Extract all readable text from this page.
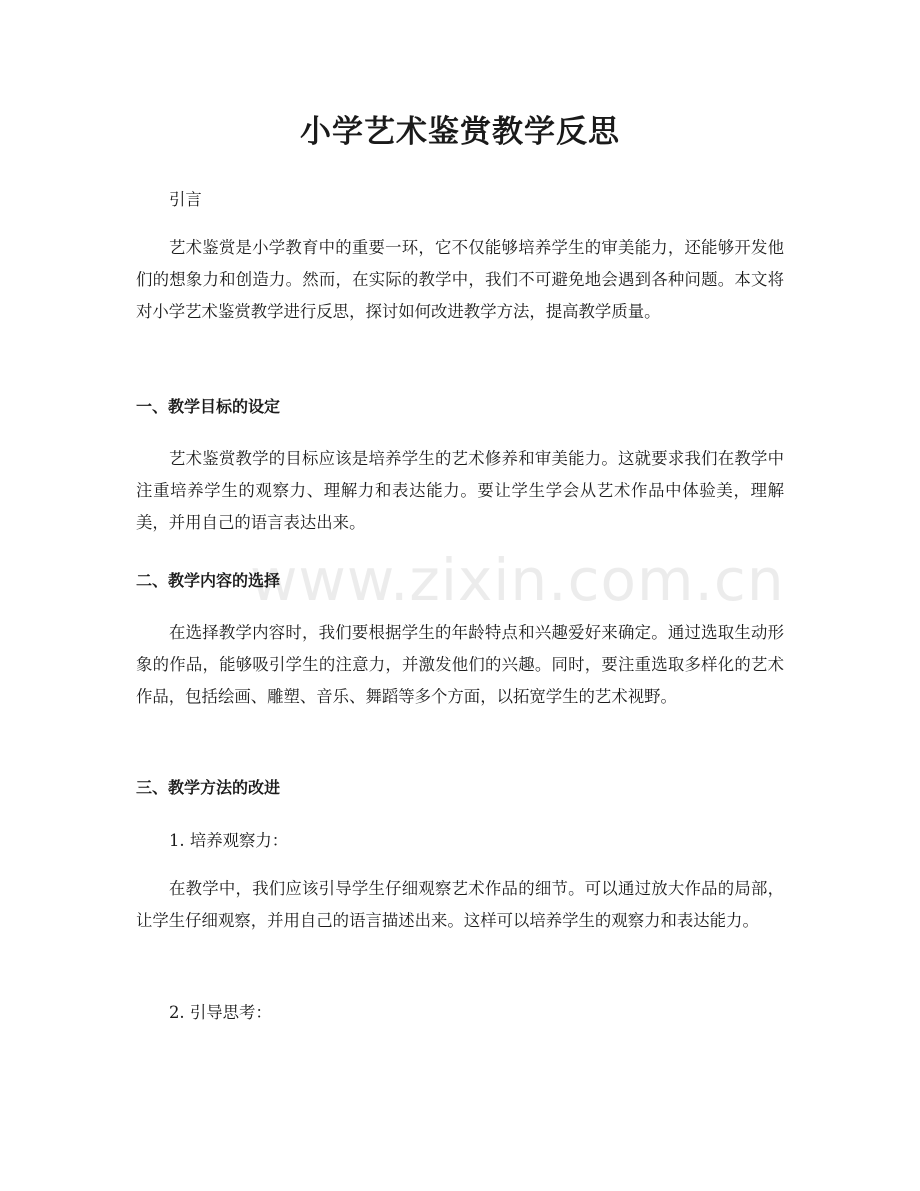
www.zixin.com.cn
小学艺术鉴赏教学反思

引言

艺术鉴赏是小学教育中的重要一环，它不仅能够培养学生的审美能力，还能够开发他们的想象力和创造力。然而，在实际的教学中，我们不可避免地会遇到各种问题。本文将对小学艺术鉴赏教学进行反思，探讨如何改进教学方法，提高教学质量。

一、教学目标的设定

艺术鉴赏教学的目标应该是培养学生的艺术修养和审美能力。这就要求我们在教学中注重培养学生的观察力、理解力和表达能力。要让学生学会从艺术作品中体验美，理解美，并用自己的语言表达出来。

二、教学内容的选择

在选择教学内容时，我们要根据学生的年龄特点和兴趣爱好来确定。通过选取生动形象的作品，能够吸引学生的注意力，并激发他们的兴趣。同时，要注重选取多样化的艺术作品，包括绘画、雕塑、音乐、舞蹈等多个方面，以拓宽学生的艺术视野。

三、教学方法的改进

1. 培养观察力：

在教学中，我们应该引导学生仔细观察艺术作品的细节。可以通过放大作品的局部，让学生仔细观察，并用自己的语言描述出来。这样可以培养学生的观察力和表达能力。

2. 引导思考：
